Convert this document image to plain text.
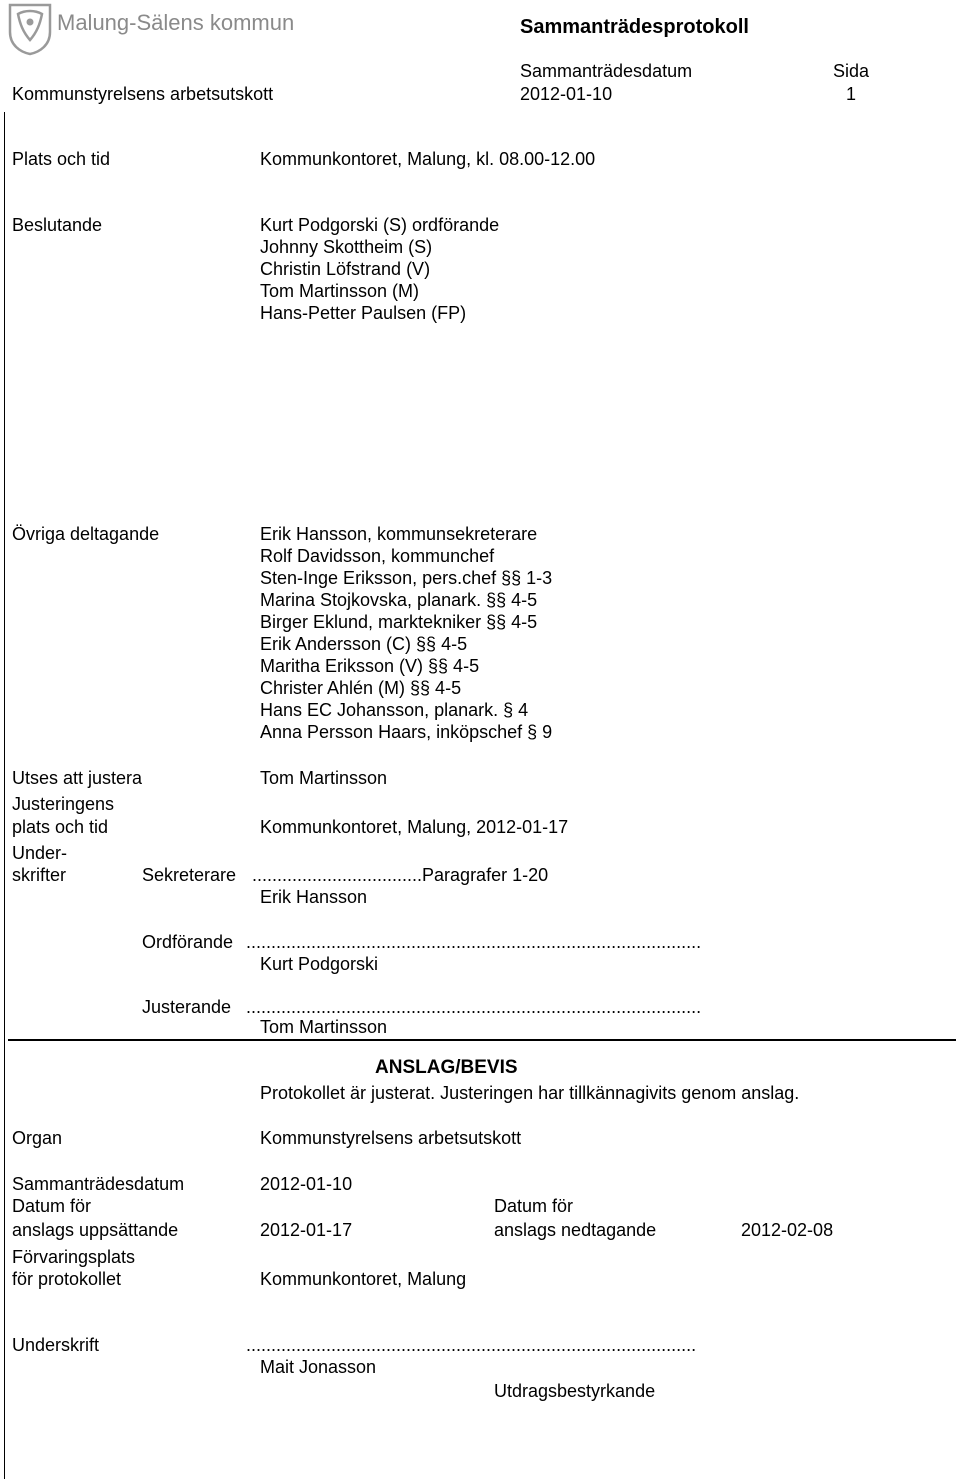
Malung-Sälens kommun	Sammanträdesprotokoll
Sammanträdesdatum	Sida
Kommunstyrelsens arbetsutskott	2012-01-10	1
Plats och tid	Kommunkontoret, Malung, kl. 08.00-12.00
Beslutande	Kurt Podgorski (S) ordförande
Johnny Skottheim (S)
Christin Löfstrand (V)
Tom Martinsson (M)
Hans-Petter Paulsen (FP)
Övriga deltagande	Erik Hansson, kommunsekreterare
Rolf Davidsson, kommunchef
Sten-Inge Eriksson, pers.chef §§ 1-3
Marina Stojkovska, planark. §§ 4-5
Birger Eklund, marktekniker §§ 4-5
Erik Andersson (C) §§ 4-5
Maritha Eriksson (V) §§ 4-5
Christer Ahlén (M) §§ 4-5
Hans EC Johansson, planark. § 4
Anna Persson Haars, inköpschef § 9
Utses att justera	Tom Martinsson
Justeringens
plats och tid	Kommunkontoret, Malung, 2012-01-17
Under-
skrifter	Sekreterare ..................................Paragrafer 1-20
Erik Hansson
Ordförande ...........................................................................................
Kurt Podgorski
Justerande ...........................................................................................
Tom Martinsson
ANSLAG/BEVIS
Protokollet är justerat. Justeringen har tillkännagivits genom anslag.
Organ	Kommunstyrelsens arbetsutskott
Sammanträdesdatum	2012-01-10
Datum för
anslags uppsättande	2012-01-17
Datum för
anslags nedtagande	2012-02-08
Förvaringsplats
för protokollet	Kommunkontoret, Malung
Underskrift	..........................................................................................
Mait Jonasson
Utdragsbestyrkande
